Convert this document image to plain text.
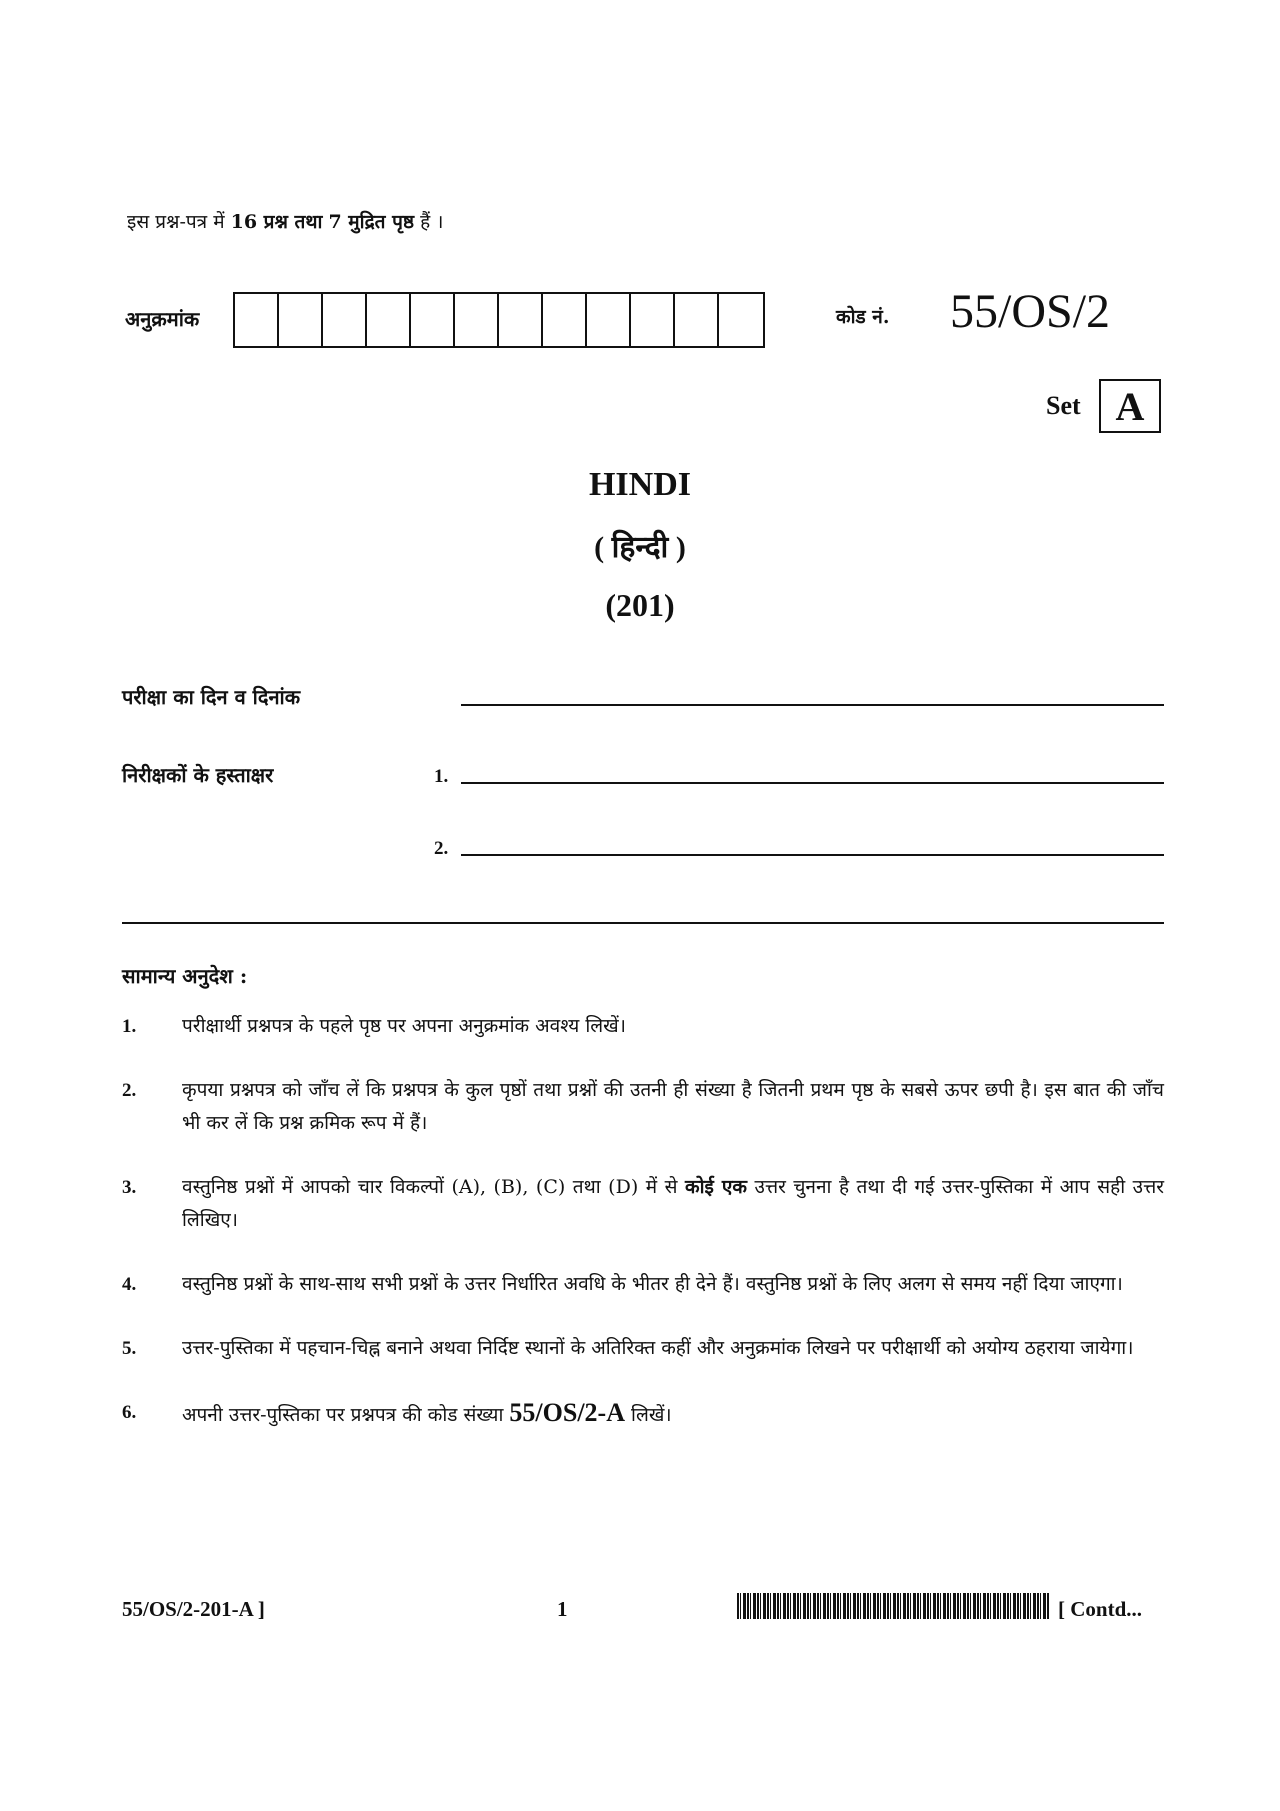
इस प्रश्न-पत्र में 16 प्रश्न तथा 7 मुद्रित पृष्ठ हैं ।
अनुक्रमांक	कोड नं. 55/OS/2
Set A
HINDI
( हिन्दी )
(201)
परीक्षा का दिन व दिनांक
निरीक्षकों के हस्ताक्षर	1.
2.
सामान्य अनुदेश :
1.	परीक्षार्थी प्रश्नपत्र के पहले पृष्ठ पर अपना अनुक्रमांक अवश्य लिखें।
2.	कृपया प्रश्नपत्र को जाँच लें कि प्रश्नपत्र के कुल पृष्ठों तथा प्रश्नों की उतनी ही संख्या है जितनी प्रथम पृष्ठ के सबसे ऊपर छपी है। इस बात की जाँच भी कर लें कि प्रश्न क्रमिक रूप में हैं।
3.	वस्तुनिष्ठ प्रश्नों में आपको चार विकल्पों (A), (B), (C) तथा (D) में से कोई एक उत्तर चुनना है तथा दी गई उत्तर-पुस्तिका में आप सही उत्तर लिखिए।
4.	वस्तुनिष्ठ प्रश्नों के साथ-साथ सभी प्रश्नों के उत्तर निर्धारित अवधि के भीतर ही देने हैं। वस्तुनिष्ठ प्रश्नों के लिए अलग से समय नहीं दिया जाएगा।
5.	उत्तर-पुस्तिका में पहचान-चिह्न बनाने अथवा निर्दिष्ट स्थानों के अतिरिक्त कहीं और अनुक्रमांक लिखने पर परीक्षार्थी को अयोग्य ठहराया जायेगा।
6.	अपनी उत्तर-पुस्तिका पर प्रश्नपत्र की कोड संख्या 55/OS/2-A लिखें।
55/OS/2-201-A ]	1	[ Contd...
